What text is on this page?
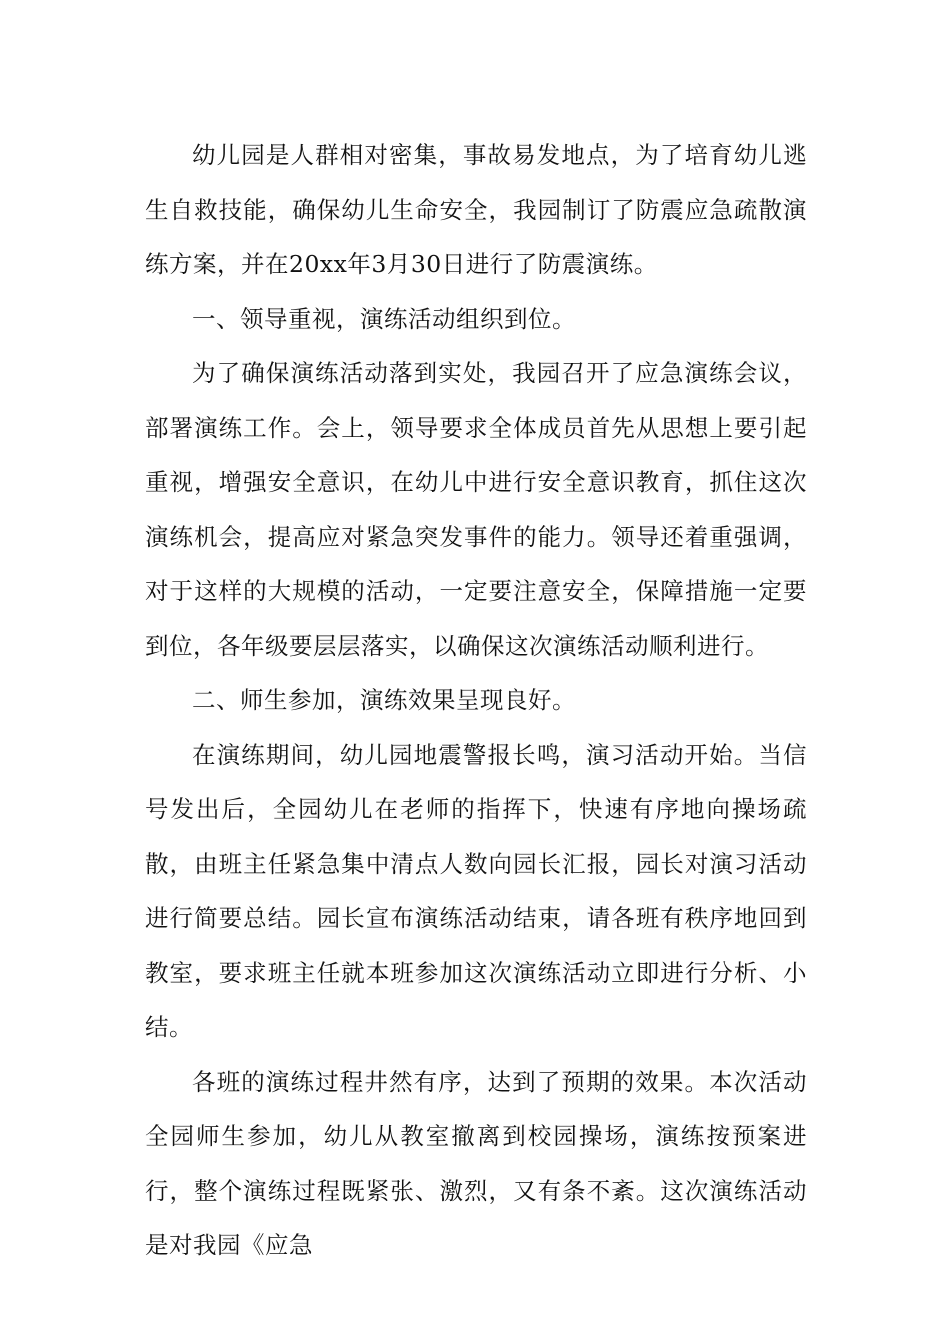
幼儿园是人群相对密集，事故易发地点，为了培育幼儿逃生自救技能，确保幼儿生命安全，我园制订了防震应急疏散演练方案，并在20xx年3月30日进行了防震演练。

一、领导重视，演练活动组织到位。

为了确保演练活动落到实处，我园召开了应急演练会议，部署演练工作。会上，领导要求全体成员首先从思想上要引起重视，增强安全意识，在幼儿中进行安全意识教育，抓住这次演练机会，提高应对紧急突发事件的能力。领导还着重强调，对于这样的大规模的活动，一定要注意安全，保障措施一定要到位，各年级要层层落实，以确保这次演练活动顺利进行。

二、师生参加，演练效果呈现良好。

在演练期间，幼儿园地震警报长鸣，演习活动开始。当信号发出后，全园幼儿在老师的指挥下，快速有序地向操场疏散，由班主任紧急集中清点人数向园长汇报，园长对演习活动进行简要总结。园长宣布演练活动结束，请各班有秩序地回到教室，要求班主任就本班参加这次演练活动立即进行分析、小结。

各班的演练过程井然有序，达到了预期的效果。本次活动全园师生参加，幼儿从教室撤离到校园操场，演练按预案进行，整个演练过程既紧张、激烈，又有条不紊。这次演练活动是对我园《应急
